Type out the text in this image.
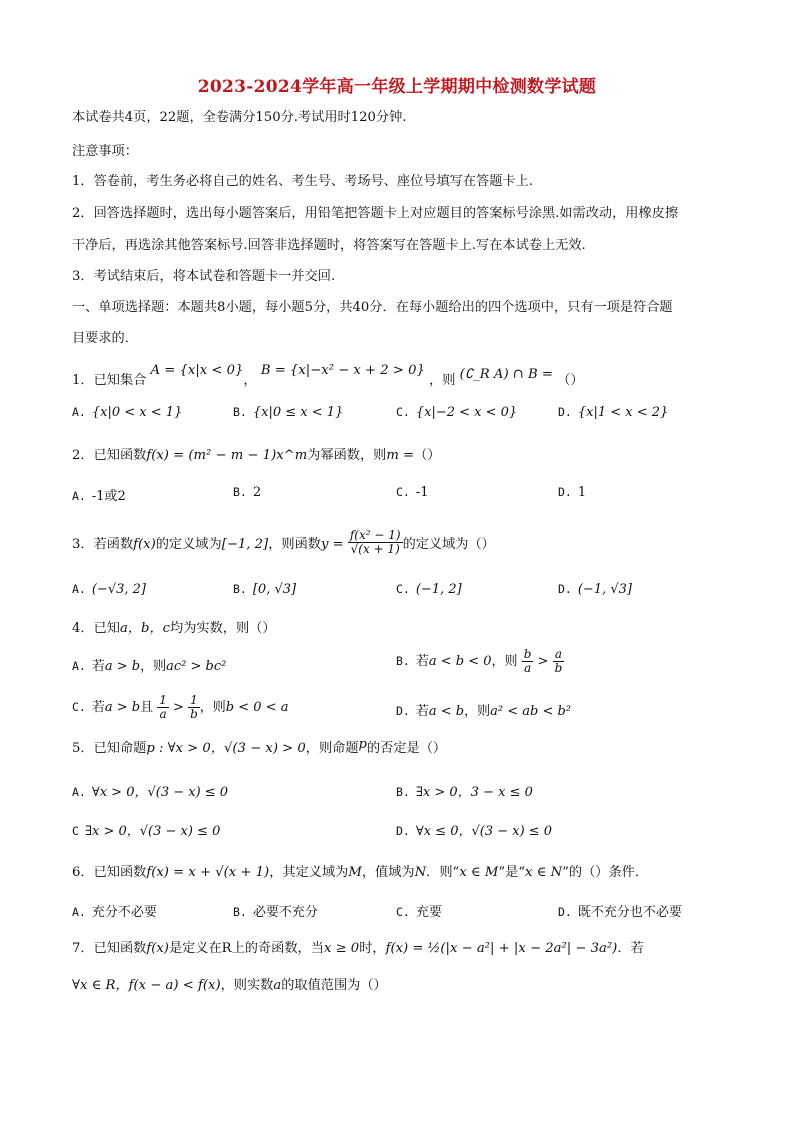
2023-2024学年高一年级上学期期中检测数学试题
本试卷共4页，22题，全卷满分150分.考试用时120分钟.
注意事项：
1．答卷前，考生务必将自己的姓名、考生号、考场号、座位号填写在答题卡上.
2．回答选择题时，选出每小题答案后，用铅笔把答题卡上对应题目的答案标号涂黑.如需改动，用橡皮擦
干净后，再选涂其他答案标号.回答非选择题时，将答案写在答题卡上.写在本试卷上无效.
3．考试结束后，将本试卷和答题卡一并交回.
一、单项选择题：本题共8小题，每小题5分，共40分．在每小题给出的四个选项中，只有一项是符合题
目要求的．
1．已知集合 A = {x|x < 0}， B = {x|−x² − x + 2 > 0} ，则 (∁_R A) ∩ B = （）
A. {x|0 < x < 1}	B. {x|0 ≤ x < 1}	C. {x|−2 < x < 0}	D. {x|1 < x < 2}
2．已知函数f(x) = (m² − m − 1)x^m为幂函数，则m =（）
A. -1或2	B. 2	C. -1	D. 1
3．若函数f(x)的定义域为[−1, 2]，则函数$y = \frac{\text{f(x² − 1)}}{√(x + 1)}$ 的定义域为（）
A. (−√3, 2]	B. [0, √3]	C. (−1, 2]	D. (−1, √3]
4．已知a，b，c均为实数，则（）
A. 若a > b，则ac² > bc²	B. 若a < b < 0，则 $\frac{b}{a} > \frac{a}{b}$
C. 若a > b且 $\frac{1}{a} > \frac{1}{b}$ ，则b < 0 < a	D. 若a < b，则a² < ab < b²
5．已知命题p : ∀x > 0，√(3 − x) > 0，则命题p的否定是（）
A. ∀x > 0，√(3 − x) ≤ 0	B. ∃x > 0，3 − x ≤ 0
C ∃x > 0，√(3 − x) ≤ 0	D. ∀x ≤ 0，√(3 − x) ≤ 0
6．已知函数f(x) = x + √(x + 1)，其定义域为M，值域为N．则“x ∈ M”是“x ∈ N”的（）条件．
A. 充分不必要	B. 必要不充分	C. 充要	D. 既不充分也不必要
7．已知函数f(x)是定义在R上的奇函数，当x ≥ 0时，f(x) = ½(|x − a²| + |x − 2a²| − 3a²)．若
∀x ∈ R，f(x − a) < f(x)，则实数a的取值范围为（）
